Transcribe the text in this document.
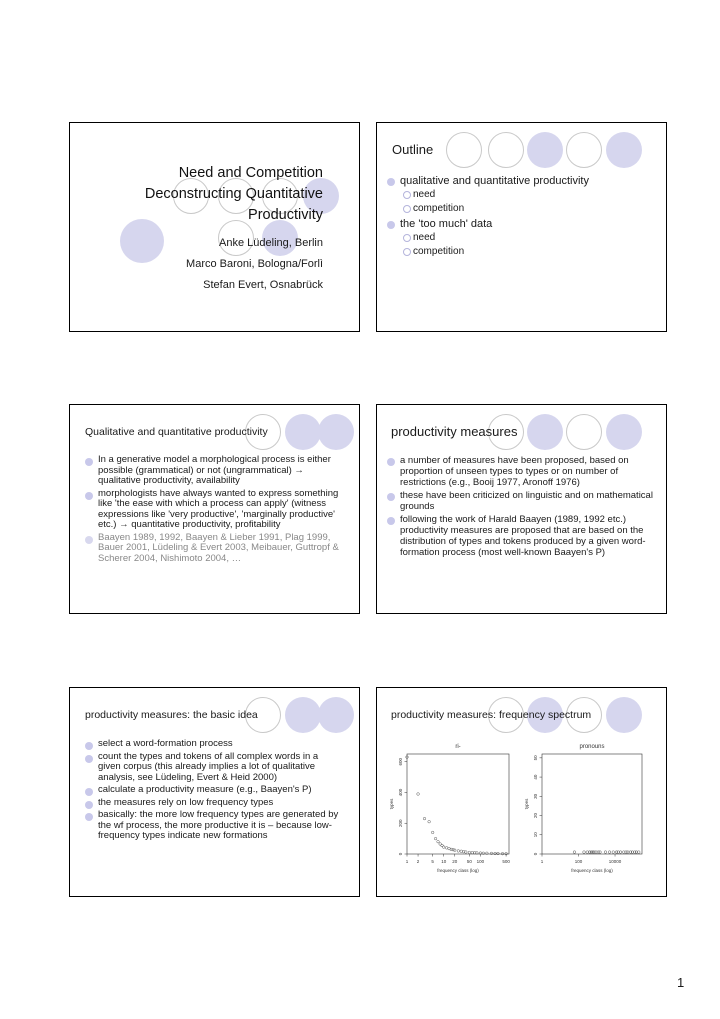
Need and Competition
Deconstructing Quantitative
Productivity
Anke Lüdeling, Berlin
Marco Baroni, Bologna/Forlì
Stefan Evert, Osnabrück
Outline
qualitative and quantitative productivity
need
competition
the 'too much' data
need
competition
Qualitative and quantitative productivity
In a generative model a morphological process is either possible (grammatical) or not (ungrammatical) → qualitative productivity, availability
morphologists have always wanted to express something like 'the ease with which a process can apply' (witness expressions like 'very productive', 'marginally productive' etc.) → quantitative productivity, profitability
Baayen 1989, 1992, Baayen & Lieber 1991, Plag 1999, Bauer 2001, Lüdeling & Evert 2003, Meibauer, Guttropf & Scherer 2004, Nishimoto 2004, …
productivity measures
a number of measures have been proposed, based on proportion of unseen types to types or on number of restrictions (e.g., Booij 1977, Aronoff 1976)
these have been criticized on linguistic and on mathematical grounds
following the work of Harald Baayen (1989, 1992 etc.) productivity measures are proposed that are based on the distribution of types and tokens produced by a given word-formation process (most well-known Baayen's P)
productivity measures: the basic idea
select a word-formation process
count the types and tokens of all complex words in a given corpus (this already implies a lot of qualitative analysis, see Lüdeling, Evert & Heid 2000)
calculate a productivity measure (e.g., Baayen's P)
the measures rely on low frequency types
basically: the more low frequency types are generated by the wf process, the more productive it is – because low-frequency types indicate new formations
productivity measures: frequency spectrum
ri-
1 2	5 10 20 50 100	500
0
200
400
600
frequency class (log)
types
pronouns
1	100	10000
0
10
20
30
40
50
frequency class (log)
types
1
